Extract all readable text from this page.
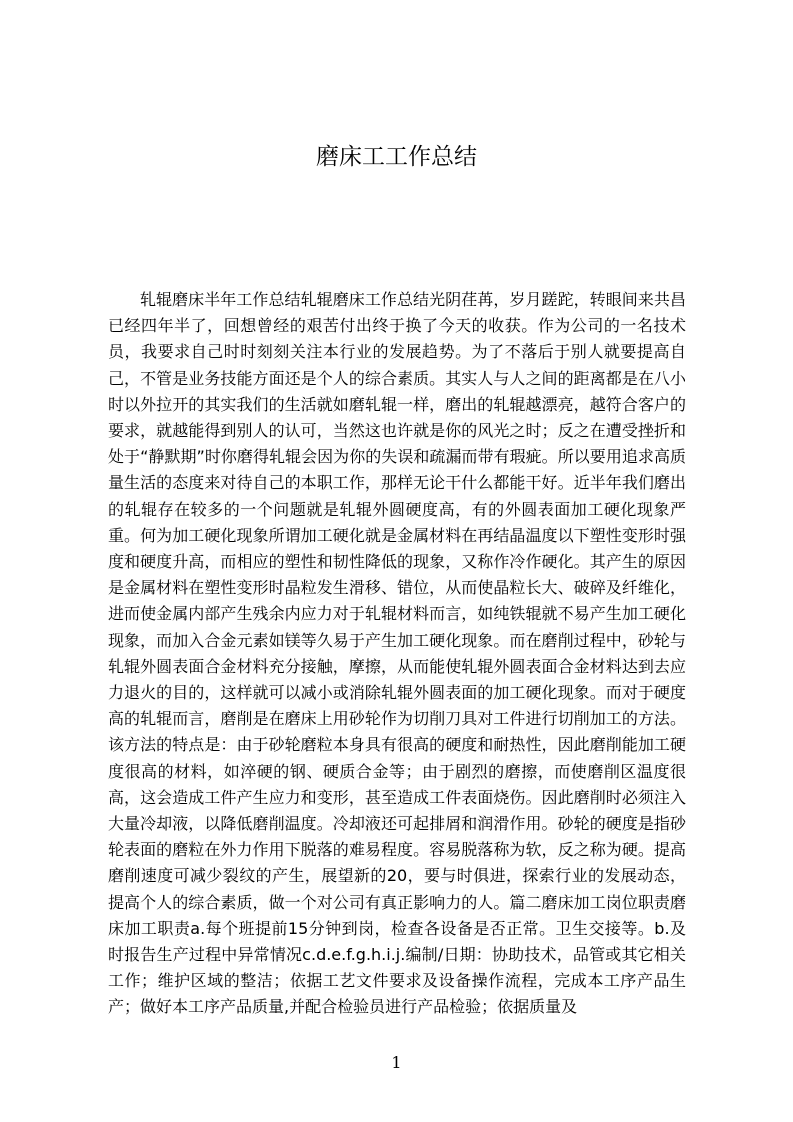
磨床工工作总结

轧辊磨床半年工作总结轧辊磨床工作总结光阴荏苒，岁月蹉跎，转眼间来共昌已经四年半了，回想曾经的艰苦付出终于换了今天的收获。作为公司的一名技术员，我要求自己时时刻刻关注本行业的发展趋势。为了不落后于别人就要提高自己，不管是业务技能方面还是个人的综合素质。其实人与人之间的距离都是在八小时以外拉开的其实我们的生活就如磨轧辊一样，磨出的轧辊越漂亮，越符合客户的要求，就越能得到别人的认可，当然这也许就是你的风光之时；反之在遭受挫折和处于“静默期”时你磨得轧辊会因为你的失误和疏漏而带有瑕疵。所以要用追求高质量生活的态度来对待自己的本职工作，那样无论干什么都能干好。近半年我们磨出的轧辊存在较多的一个问题就是轧辊外圆硬度高，有的外圆表面加工硬化现象严重。何为加工硬化现象所谓加工硬化就是金属材料在再结晶温度以下塑性变形时强度和硬度升高，而相应的塑性和韧性降低的现象，又称作冷作硬化。其产生的原因是金属材料在塑性变形时晶粒发生滑移、错位，从而使晶粒长大、破碎及纤维化，进而使金属内部产生残余内应力对于轧辊材料而言，如纯铁辊就不易产生加工硬化现象，而加入合金元素如镁等久易于产生加工硬化现象。而在磨削过程中，砂轮与轧辊外圆表面合金材料充分接触，摩擦，从而能使轧辊外圆表面合金材料达到去应力退火的目的，这样就可以减小或消除轧辊外圆表面的加工硬化现象。而对于硬度高的轧辊而言，磨削是在磨床上用砂轮作为切削刀具对工件进行切削加工的方法。该方法的特点是：由于砂轮磨粒本身具有很高的硬度和耐热性，因此磨削能加工硬度很高的材料，如淬硬的钢、硬质合金等；由于剧烈的磨擦，而使磨削区温度很高，这会造成工件产生应力和变形，甚至造成工件表面烧伤。因此磨削时必须注入大量冷却液，以降低磨削温度。冷却液还可起排屑和润滑作用。砂轮的硬度是指砂轮表面的磨粒在外力作用下脱落的难易程度。容易脱落称为软，反之称为硬。提高磨削速度可减少裂纹的产生，展望新的20，要与时俱进，探索行业的发展动态，提高个人的综合素质，做一个对公司有真正影响力的人。篇二磨床加工岗位职责磨床加工职责a.每个班提前15分钟到岗，检查各设备是否正常。卫生交接等。b.及时报告生产过程中异常情况c.d.e.f.g.h.i.j.编制/日期：协助技术，品管或其它相关工作；维护区域的整洁；依据工艺文件要求及设备操作流程，完成本工序产品生产；做好本工序产品质量,并配合检验员进行产品检验；依据质量及

1
